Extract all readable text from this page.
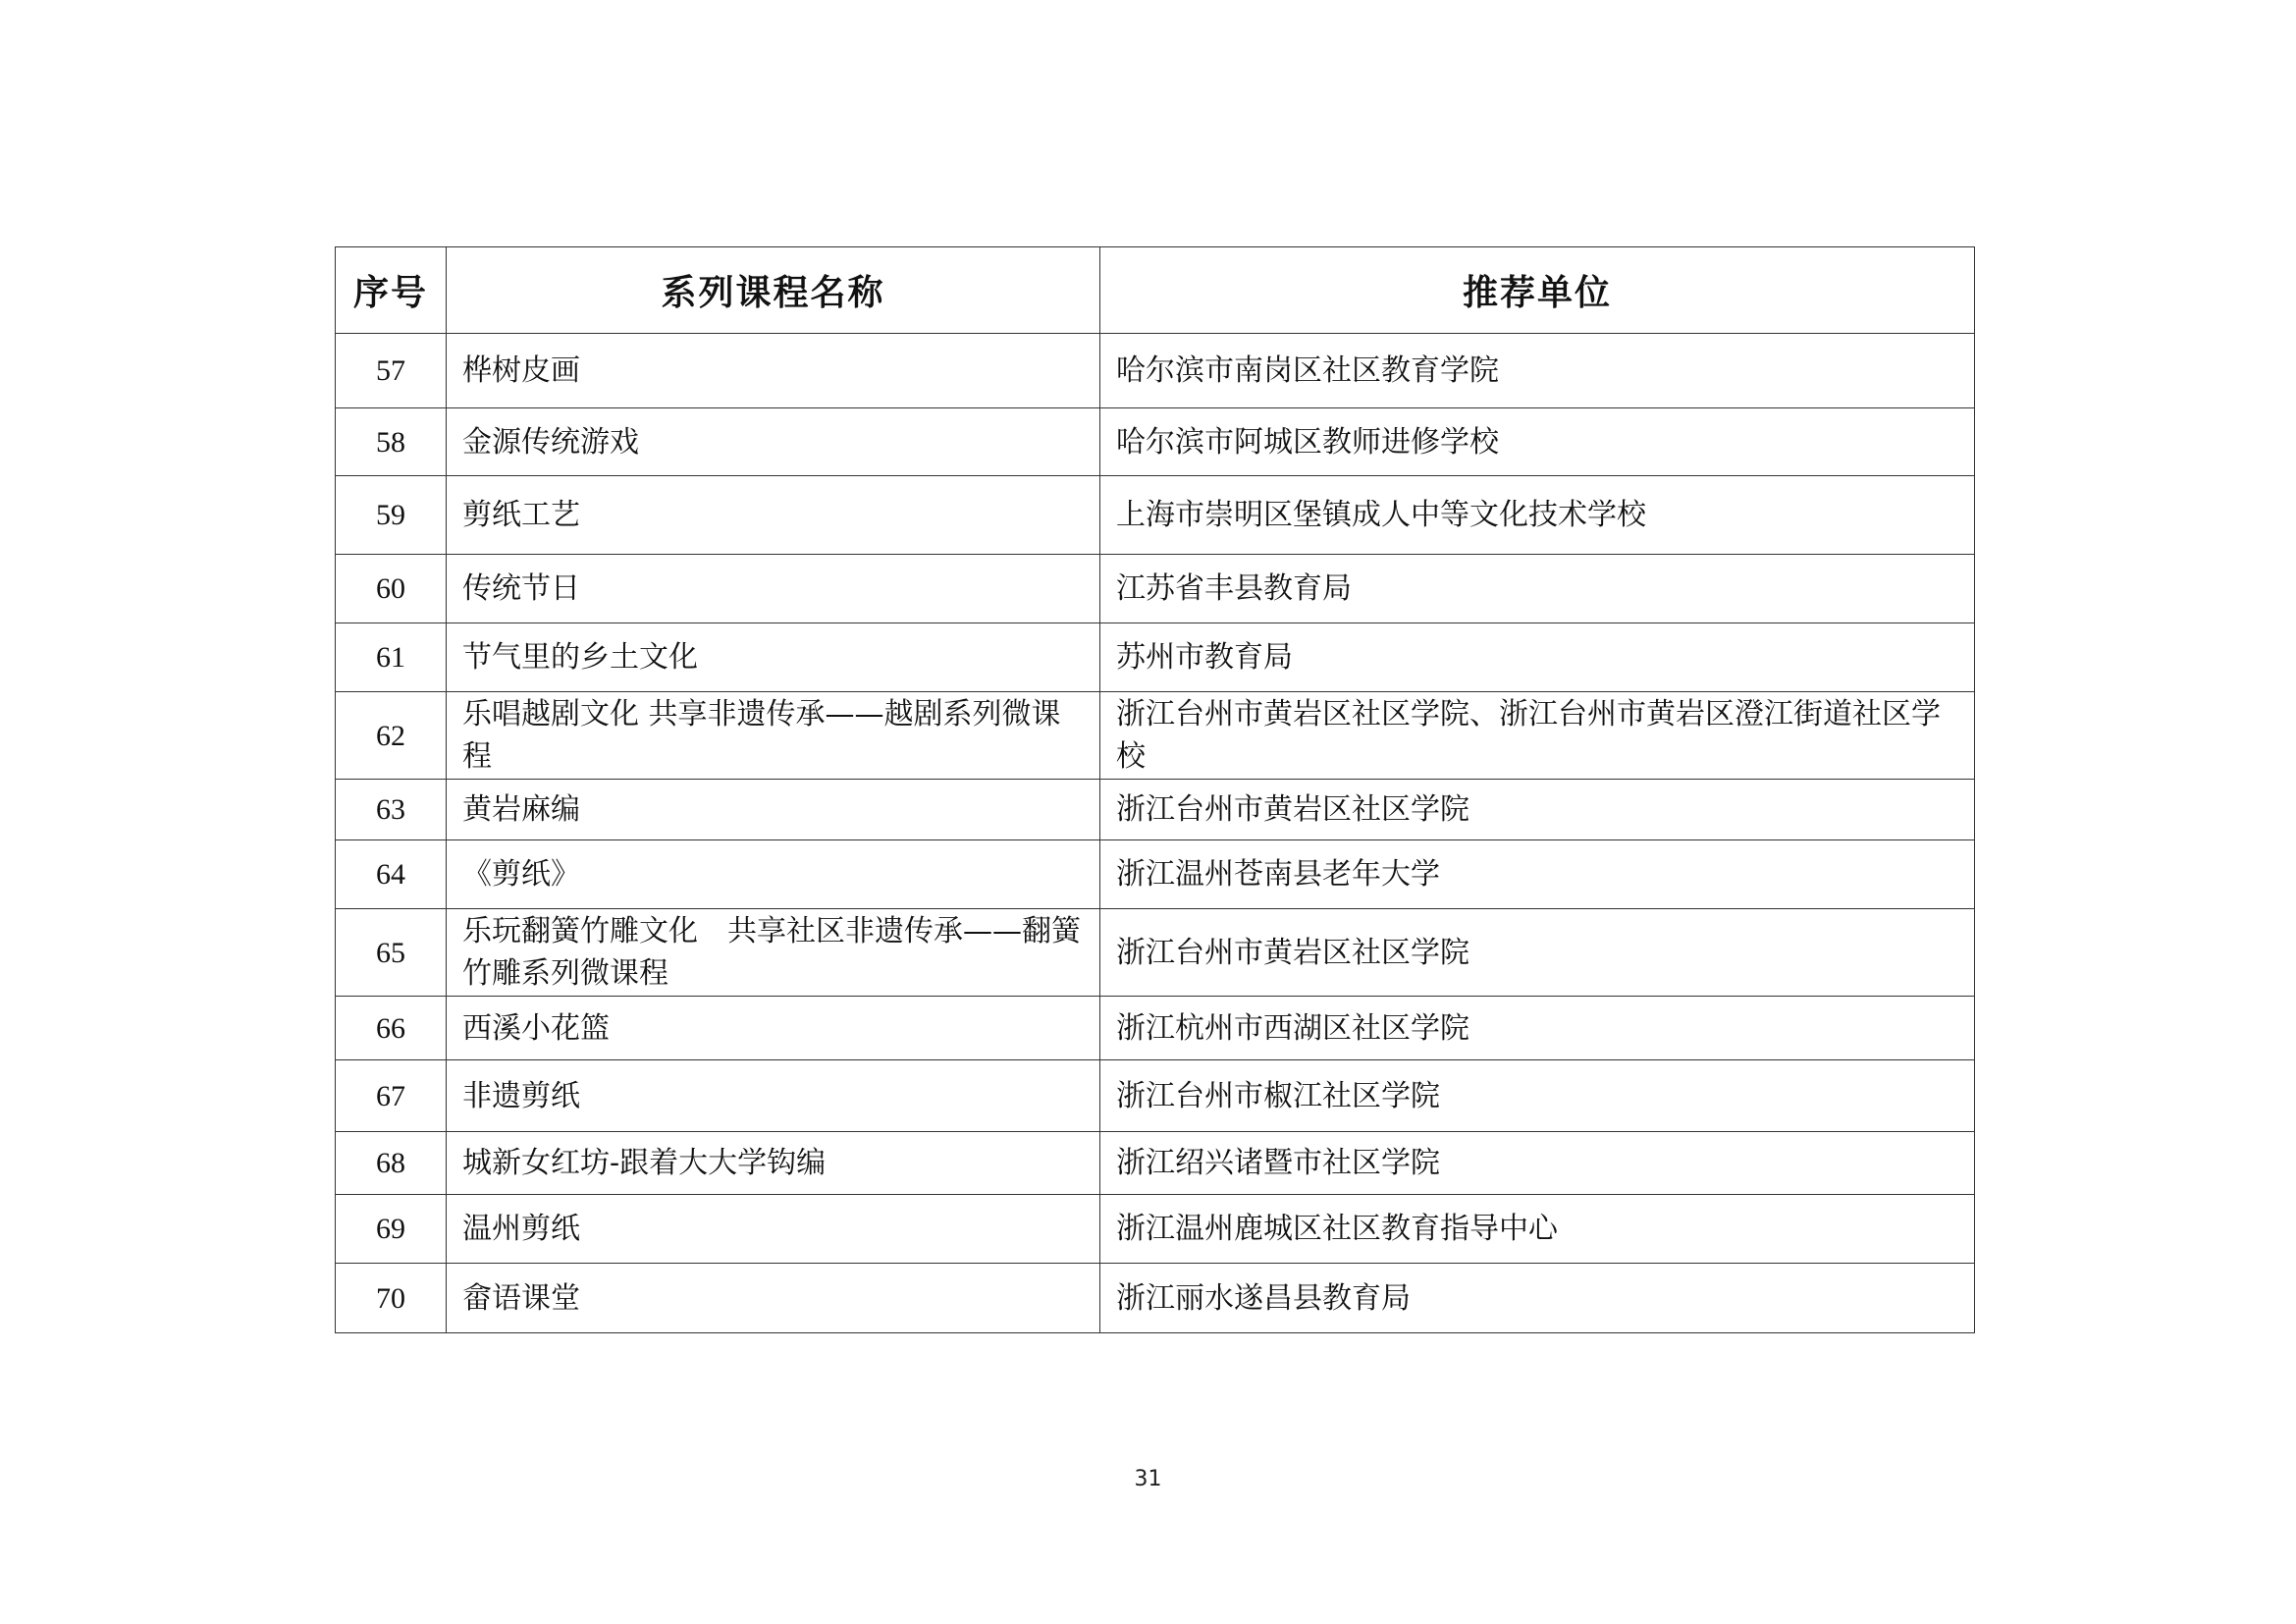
序号	系列课程名称	推荐单位
57	桦树皮画	哈尔滨市南岗区社区教育学院
58	金源传统游戏	哈尔滨市阿城区教师进修学校
59	剪纸工艺	上海市崇明区堡镇成人中等文化技术学校
60	传统节日	江苏省丰县教育局
61	节气里的乡土文化	苏州市教育局
62	乐唱越剧文化 共享非遗传承——越剧系列微课程	浙江台州市黄岩区社区学院、浙江台州市黄岩区澄江街道社区学校
63	黄岩麻编	浙江台州市黄岩区社区学院
64	《剪纸》	浙江温州苍南县老年大学
65	乐玩翻簧竹雕文化　共享社区非遗传承——翻簧竹雕系列微课程	浙江台州市黄岩区社区学院
66	西溪小花篮	浙江杭州市西湖区社区学院
67	非遗剪纸	浙江台州市椒江社区学院
68	城新女红坊-跟着大大学钩编	浙江绍兴诸暨市社区学院
69	温州剪纸	浙江温州鹿城区社区教育指导中心
70	畲语课堂	浙江丽水遂昌县教育局
31
